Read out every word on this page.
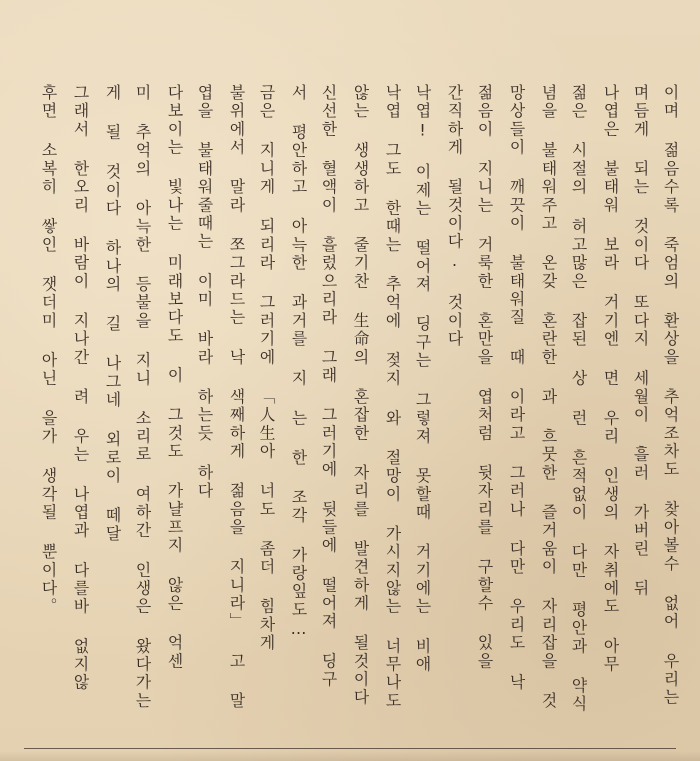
이며 젊음수록 죽엄의 환상을 추억조차도 찾아볼수 없어 우리는
며듬게 되는 것이다 또다지 세월이 흘러 가버린 뒤
나엽은 불태워 보라 거기엔 면 우리 인생의 자취에도 아무
젊은 시절의 허고많은 잡된 상 런 흔적없이 다만 평안과 약식
념을 불태워주고 온갖 혼란한 과 흐뭇한 즐거움이 자리잡을 것
망상들이 깨끗이 불태워질 때 이라고 그러나 다만 우리도 낙
젊음이 지니는 거룩한 혼만을 엽처럼 뒷자리를 구할수 있을
간직하게 될것이다. 것이다
낙엽! 이제는 떨어져 딩구는 그렇져 못할때 거기에는 비애
낙엽 그도 한때는 추억에 젖지 와 절망이 가시지않는 너무나도
않는 생생하고 줄기찬 生命의 혼잡한 자리를 발견하게 될것이다
신선한 혈액이 흘렀으리라 그래 그러기에 뒷들에 떨어져 딩구
서 평안하고 아늑한 과거를 지 는 한 조각 가랑잎도…
금은 지니게 되리라 그러기에 「人生아 너도 좀더 힘차게
불위에서 말라 쪼그라드는 낙 색째하게 젊음을 지니라」 고 말
엽을 불태워줄때는 이미 바라 하는듯 하다
다보이는 빛나는 미래보다도 이 그것도 가냘프지 않은 억센
미 추억의 아늑한 등불을 지니 소리로 여하간 인생은 왔다가는
게 될 것이다 하나의 길 나그네 외로이 떼달
그래서 한오리 바람이 지나간 려 우는 나엽과 다를바 없지않
후면 소복히 쌓인 잿더미 아닌 을가 생각될 뿐이다。
